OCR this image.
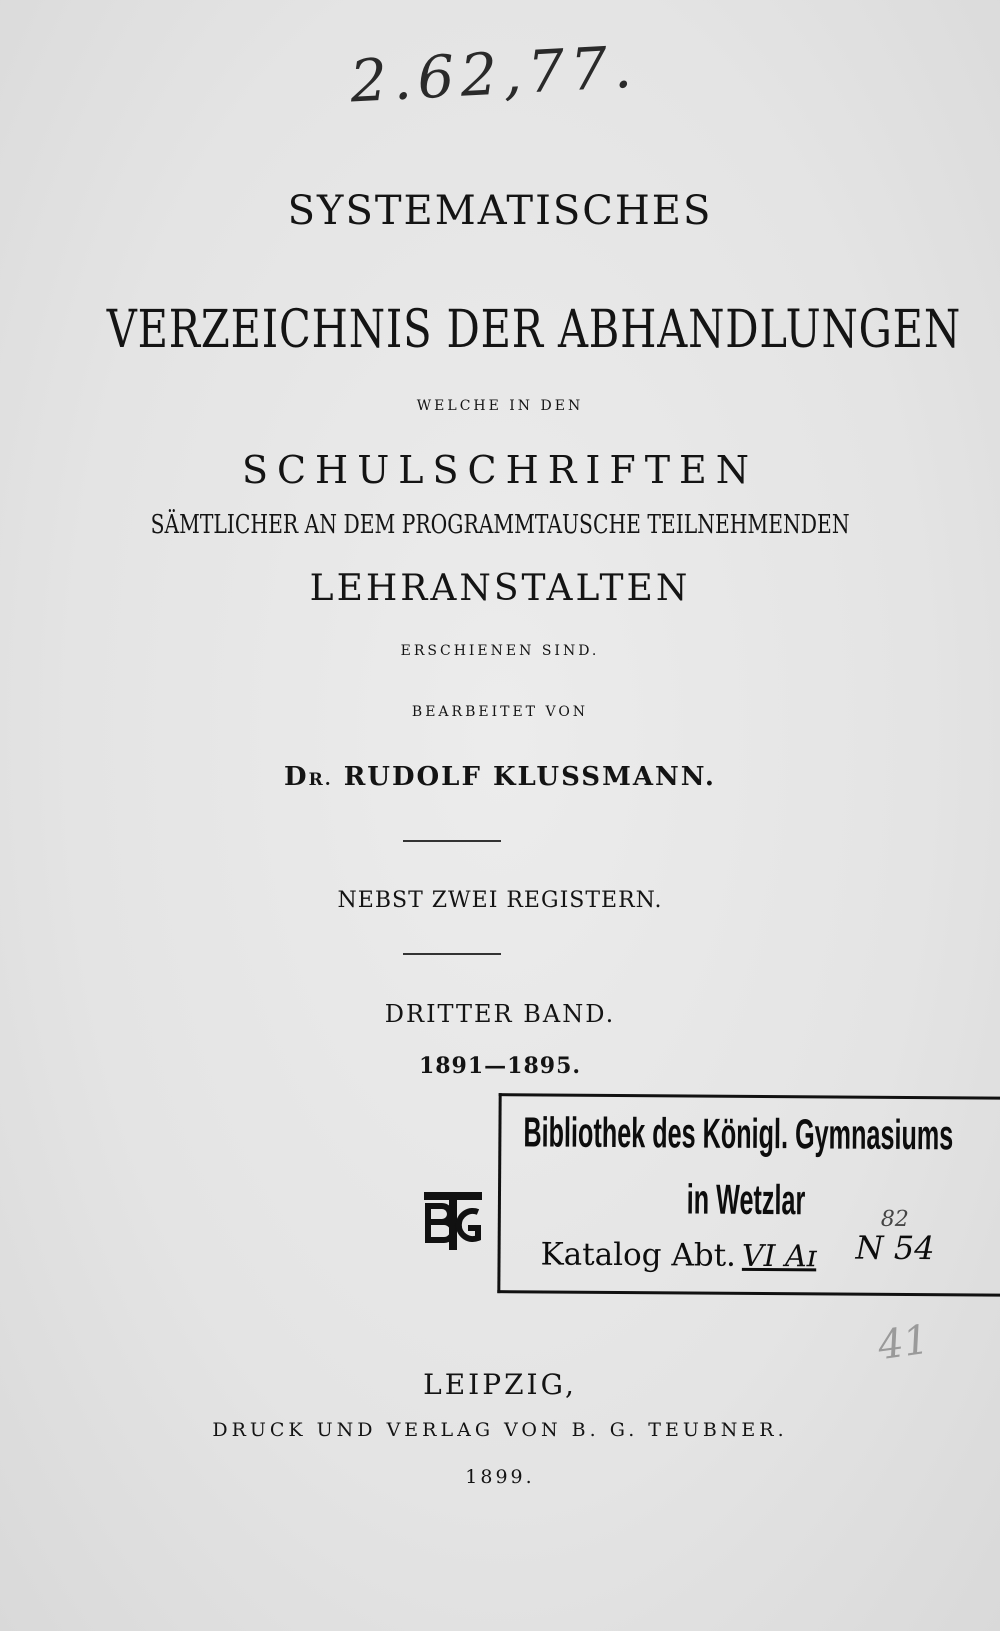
2.62,77.
SYSTEMATISCHES
VERZEICHNIS DER ABHANDLUNGEN
WELCHE IN DEN
SCHULSCHRIFTEN
SÄMTLICHER AN DEM PROGRAMMTAUSCHE TEILNEHMENDEN
LEHRANSTALTEN
ERSCHIENEN SIND.
BEARBEITET VON
DR. RUDOLF KLUSSMANN.
NEBST ZWEI REGISTERN.
DRITTER BAND.
1891—1895.
Bibliothek des Königl. Gymnasiums
in Wetzlar
Katalog Abt. VI Aɪ N 54
82
41
LEIPZIG,
DRUCK UND VERLAG VON B. G. TEUBNER.
1899.
